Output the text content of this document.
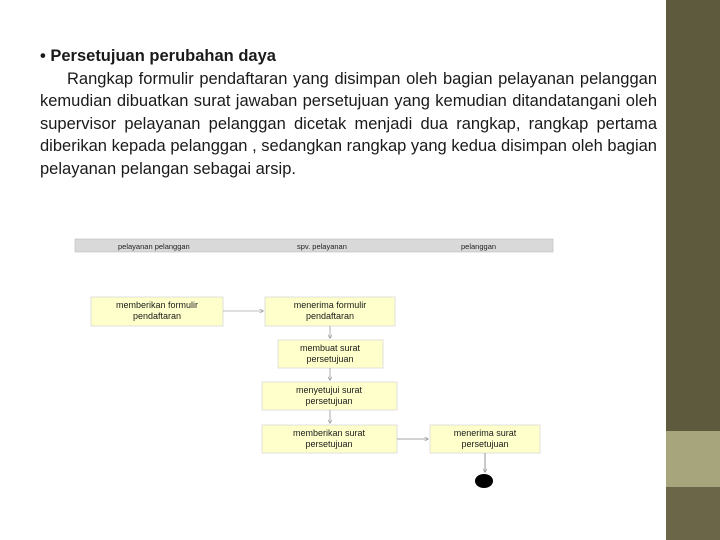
• Persetujuan perubahan daya
Rangkap formulir pendaftaran yang disimpan oleh bagian pelayanan pelanggan kemudian dibuatkan surat jawaban persetujuan yang kemudian ditandatangani oleh supervisor pelayanan pelanggan dicetak menjadi dua rangkap, rangkap pertama diberikan kepada pelanggan , sedangkan rangkap yang kedua disimpan oleh bagian pelayanan pelangan sebagai arsip.
pelayanan pelanggan	spv. pelayanan	pelanggan
memberikan formulir
pendaftaran
menerima formulir
pendaftaran
membuat surat
persetujuan
menyetujui surat
persetujuan
memberikan surat
persetujuan
menerima surat
persetujuan
